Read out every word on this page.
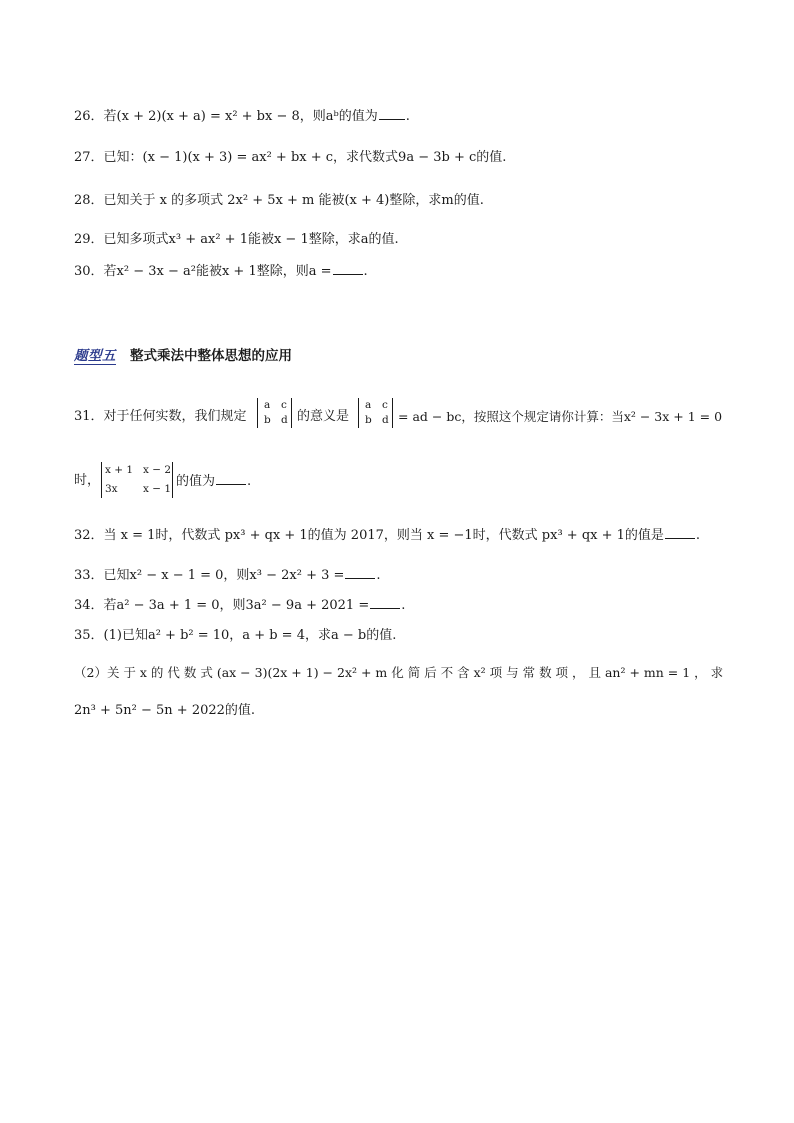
26．若(x + 2)(x + a) = x² + bx − 8，则aᵇ的值为 .
27．已知：(x − 1)(x + 3) = ax² + bx + c，求代数式9a − 3b + c的值.
28．已知关于 x 的多项式 2x² + 5x + m 能被(x + 4)整除，求m的值.
29．已知多项式x³ + ax² + 1能被x − 1整除，求a的值.
30．若x² − 3x − a²能被x + 1整除，则a = .
题型五 整式乘法中整体思想的应用
31．对于任何实数，我们规定
a c
b d 的意义是
a c
b d = ad − bc，按照这个规定请你计算：当x² − 3x + 1 = 0
时，
x + 1 x − 2
3x x − 1 的值为 .
32．当 x = 1时，代数式 px³ + qx + 1的值为 2017，则当 x = −1时，代数式 px³ + qx + 1的值是 .
33．已知x² − x − 1 = 0，则x³ − 2x² + 3 = .
34．若a² − 3a + 1 = 0，则3a² − 9a + 2021 = .
35．(1)已知a² + b² = 10，a + b = 4，求a − b的值.
（2）关 于 x 的 代 数 式 (ax − 3)(2x + 1) − 2x² + m 化 简 后 不 含 x² 项 与 常 数 项 ， 且 an² + mn = 1 ， 求
2n³ + 5n² − 5n + 2022的值.
